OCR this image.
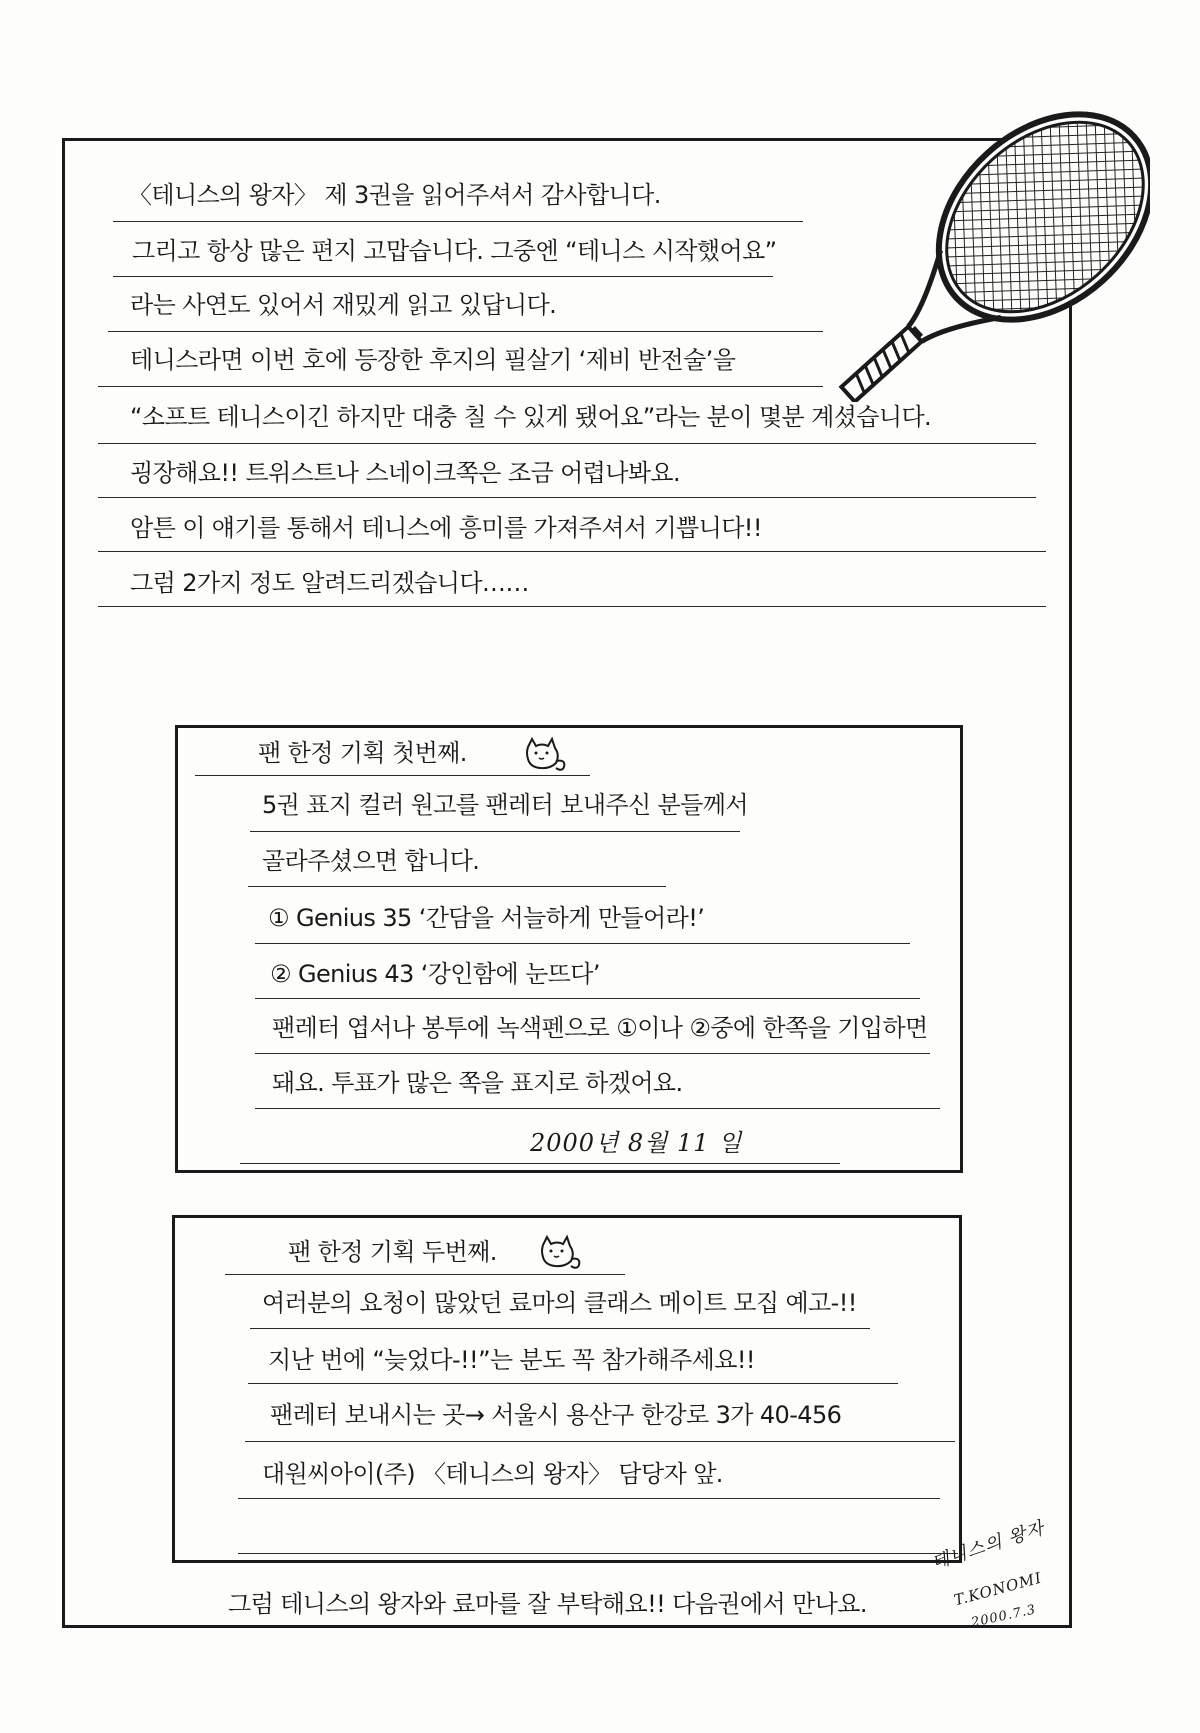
〈테니스의 왕자〉 제 3권을 읽어주셔서 감사합니다.
그리고 항상 많은 편지 고맙습니다. 그중엔 “테니스 시작했어요”
라는 사연도 있어서 재밌게 읽고 있답니다.
테니스라면 이번 호에 등장한 후지의 필살기 ‘제비 반전술’을
“소프트 테니스이긴 하지만 대충 칠 수 있게 됐어요”라는 분이 몇분 계셨습니다.
굉장해요!! 트위스트나 스네이크쪽은 조금 어렵나봐요.
암튼 이 얘기를 통해서 테니스에 흥미를 가져주셔서 기쁩니다!!
그럼 2가지 정도 알려드리겠습니다……
팬 한정 기획 첫번째.
5권 표지 컬러 원고를 팬레터 보내주신 분들께서
골라주셨으면 합니다.
① Genius 35 ‘간담을 서늘하게 만들어라!’
② Genius 43 ‘강인함에 눈뜨다’
팬레터 엽서나 봉투에 녹색펜으로 ①이나 ②중에 한쪽을 기입하면
돼요. 투표가 많은 쪽을 표지로 하겠어요.
2000년 8월 11 일
팬 한정 기획 두번째.
여러분의 요청이 많았던 료마의 클래스 메이트 모집 예고-!!
지난 번에 “늦었다-!!”는 분도 꼭 참가해주세요!!
팬레터 보내시는 곳→ 서울시 용산구 한강로 3가 40-456
대원씨아이(주) 〈테니스의 왕자〉 담당자 앞.
그럼 테니스의 왕자와 료마를 잘 부탁해요!! 다음권에서 만나요.
테니스의 왕자
T.KONOMI
2000.7.3
